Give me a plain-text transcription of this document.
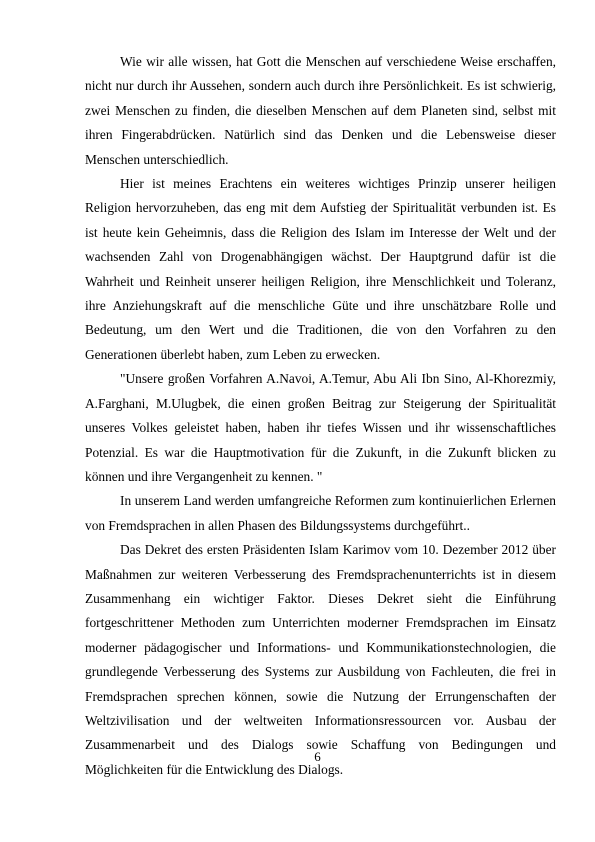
Wie wir alle wissen, hat Gott die Menschen auf verschiedene Weise erschaffen, nicht nur durch ihr Aussehen, sondern auch durch ihre Persönlichkeit. Es ist schwierig, zwei Menschen zu finden, die dieselben Menschen auf dem Planeten sind, selbst mit ihren Fingerabdrücken. Natürlich sind das Denken und die Lebensweise dieser Menschen unterschiedlich.

Hier ist meines Erachtens ein weiteres wichtiges Prinzip unserer heiligen Religion hervorzuheben, das eng mit dem Aufstieg der Spiritualität verbunden ist. Es ist heute kein Geheimnis, dass die Religion des Islam im Interesse der Welt und der wachsenden Zahl von Drogenabhängigen wächst. Der Hauptgrund dafür ist die Wahrheit und Reinheit unserer heiligen Religion, ihre Menschlichkeit und Toleranz, ihre Anziehungskraft auf die menschliche Güte und ihre unschätzbare Rolle und Bedeutung, um den Wert und die Traditionen, die von den Vorfahren zu den Generationen überlebt haben, zum Leben zu erwecken.

"Unsere großen Vorfahren A.Navoi, A.Temur, Abu Ali Ibn Sino, Al-Khorezmiy, A.Farghani, M.Ulugbek, die einen großen Beitrag zur Steigerung der Spiritualität unseres Volkes geleistet haben, haben ihr tiefes Wissen und ihr wissenschaftliches Potenzial. Es war die Hauptmotivation für die Zukunft, in die Zukunft blicken zu können und ihre Vergangenheit zu kennen. "

In unserem Land werden umfangreiche Reformen zum kontinuierlichen Erlernen von Fremdsprachen in allen Phasen des Bildungssystems durchgeführt..

Das Dekret des ersten Präsidenten Islam Karimov vom 10. Dezember 2012 über Maßnahmen zur weiteren Verbesserung des Fremdsprachenunterrichts ist in diesem Zusammenhang ein wichtiger Faktor. Dieses Dekret sieht die Einführung fortgeschrittener Methoden zum Unterrichten moderner Fremdsprachen im Einsatz moderner pädagogischer und Informations- und Kommunikationstechnologien, die grundlegende Verbesserung des Systems zur Ausbildung von Fachleuten, die frei in Fremdsprachen sprechen können, sowie die Nutzung der Errungenschaften der Weltzivilisation und der weltweiten Informationsressourcen vor. Ausbau der Zusammenarbeit und des Dialogs sowie Schaffung von Bedingungen und Möglichkeiten für die Entwicklung des Dialogs.

6
